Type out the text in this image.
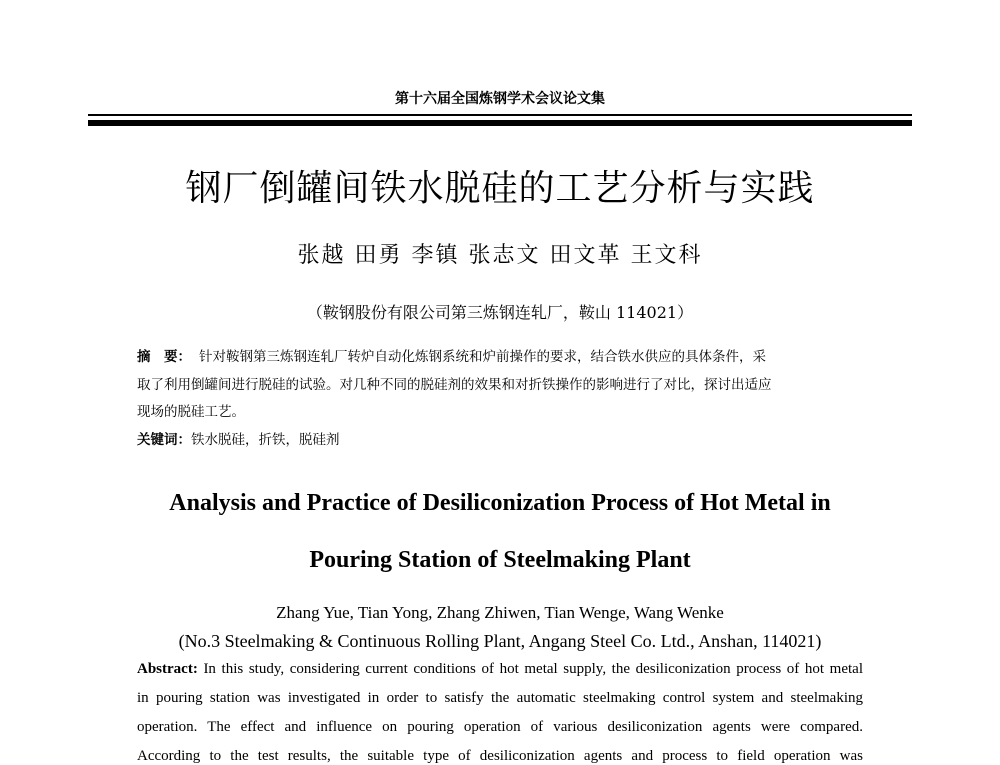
第十六届全国炼钢学术会议论文集
钢厂倒罐间铁水脱硅的工艺分析与实践
张越 田勇 李镇 张志文 田文革 王文科
（鞍钢股份有限公司第三炼钢连轧厂，鞍山 114021）
摘　要： 针对鞍钢第三炼钢连轧厂转炉自动化炼钢系统和炉前操作的要求，结合铁水供应的具体条件，采
取了利用倒罐间进行脱硅的试验。对几种不同的脱硅剂的效果和对折铁操作的影响进行了对比，探讨出适应
现场的脱硅工艺。
关键词：铁水脱硅，折铁，脱硅剂
Analysis and Practice of Desiliconization Process of Hot Metal in
Pouring Station of Steelmaking Plant
Zhang Yue, Tian Yong, Zhang Zhiwen, Tian Wenge, Wang Wenke
(No.3 Steelmaking & Continuous Rolling Plant, Angang Steel Co. Ltd., Anshan, 114021)
Abstract: In this study, considering current conditions of hot metal supply, the desiliconization process of hot metal
in pouring station was investigated in order to satisfy the automatic steelmaking control system and steelmaking
operation. The effect and influence on pouring operation of various desiliconization agents were compared.
According to the test results, the suitable type of desiliconization agents and process to field operation was
